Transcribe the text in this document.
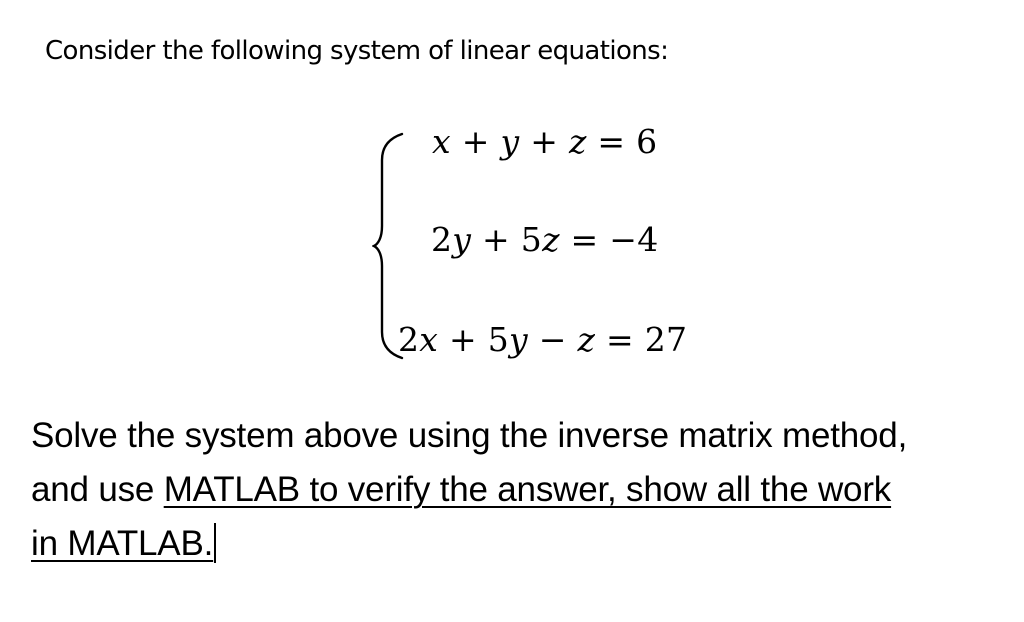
Consider the following system of linear equations:
x + y + z = 6
2y + 5z = −4
2x + 5y − z = 27
Solve the system above using the inverse matrix method,
and use MATLAB to verify the answer, show all the work
in MATLAB.
